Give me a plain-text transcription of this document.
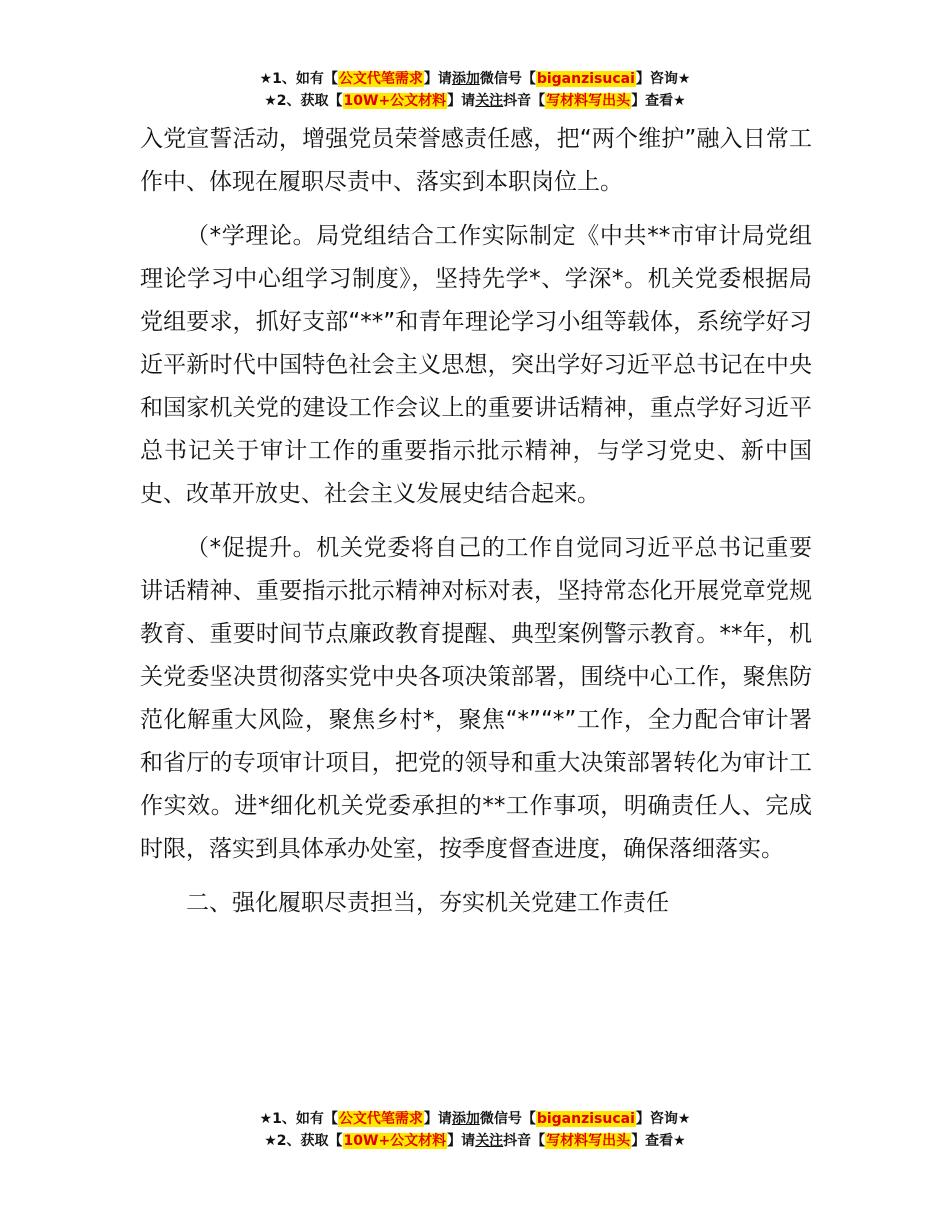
★1、如有【公文代笔需求】请添加微信号【biganzisucai】咨询★
★2、获取【10W+公文材料】请关注抖音【写材料写出头】查看★

入党宣誓活动，增强党员荣誉感责任感，把“两个维护”融入日常工作中、体现在履职尽责中、落实到本职岗位上。

（*学理论。局党组结合工作实际制定《中共**市审计局党组理论学习中心组学习制度》，坚持先学*、学深*。机关党委根据局党组要求，抓好支部“**”和青年理论学习小组等载体，系统学好习近平新时代中国特色社会主义思想，突出学好习近平总书记在中央和国家机关党的建设工作会议上的重要讲话精神，重点学好习近平总书记关于审计工作的重要指示批示精神，与学习党史、新中国史、改革开放史、社会主义发展史结合起来。

（*促提升。机关党委将自己的工作自觉同习近平总书记重要讲话精神、重要指示批示精神对标对表，坚持常态化开展党章党规教育、重要时间节点廉政教育提醒、典型案例警示教育。**年，机关党委坚决贯彻落实党中央各项决策部署，围绕中心工作，聚焦防范化解重大风险，聚焦乡村*，聚焦“*”“*”工作，全力配合审计署和省厅的专项审计项目，把党的领导和重大决策部署转化为审计工作实效。进*细化机关党委承担的**工作事项，明确责任人、完成时限，落实到具体承办处室，按季度督查进度，确保落细落实。

二、强化履职尽责担当，夯实机关党建工作责任

★1、如有【公文代笔需求】请添加微信号【biganzisucai】咨询★
★2、获取【10W+公文材料】请关注抖音【写材料写出头】查看★
